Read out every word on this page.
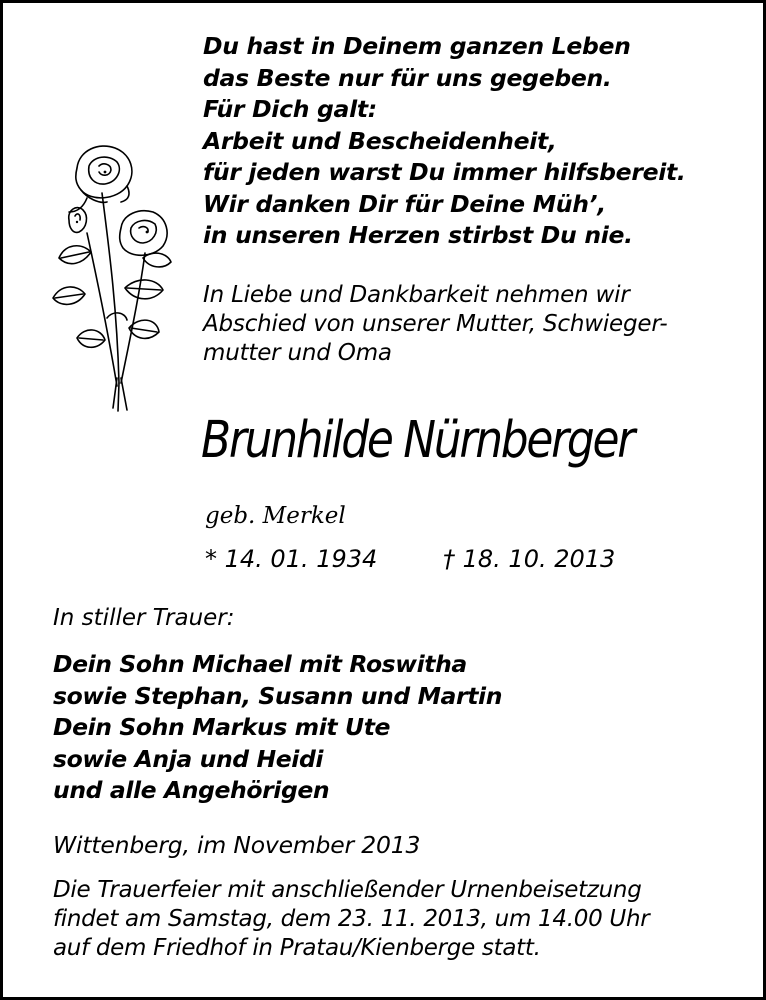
Du hast in Deinem ganzen Leben
das Beste nur für uns gegeben.
Für Dich galt:
Arbeit und Bescheidenheit,
für jeden warst Du immer hilfsbereit.
Wir danken Dir für Deine Müh’,
in unseren Herzen stirbst Du nie.
In Liebe und Dankbarkeit nehmen wir
Abschied von unserer Mutter, Schwieger-
mutter und Oma
Brunhilde Nürnberger
geb. Merkel
* 14. 01. 1934	† 18. 10. 2013
In stiller Trauer:
Dein Sohn Michael mit Roswitha
sowie Stephan, Susann und Martin
Dein Sohn Markus mit Ute
sowie Anja und Heidi
und alle Angehörigen
Wittenberg, im November 2013
Die Trauerfeier mit anschließender Urnenbeisetzung
findet am Samstag, dem 23. 11. 2013, um 14.00 Uhr
auf dem Friedhof in Pratau/Kienberge statt.
